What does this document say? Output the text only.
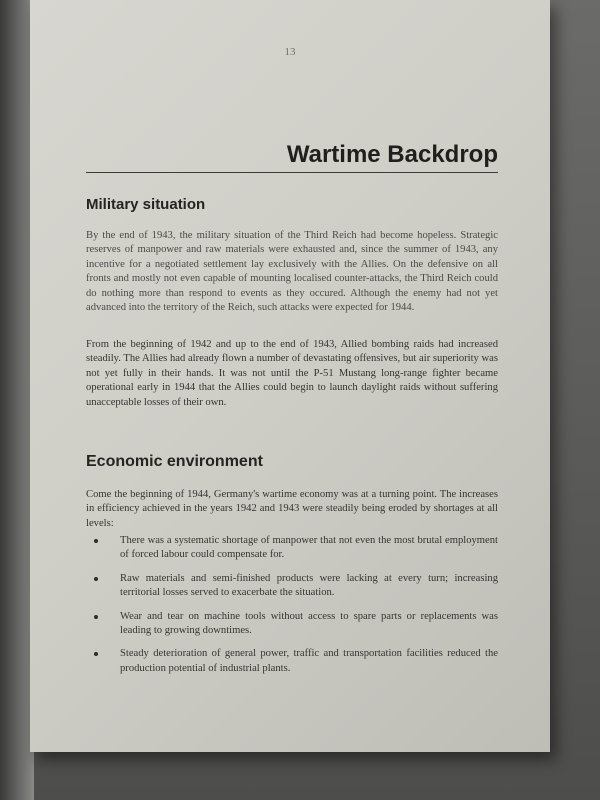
13
Wartime Backdrop
Military situation

By the end of 1943, the military situation of the Third Reich had become hopeless. Strategic reserves of manpower and raw materials were exhausted and, since the summer of 1943, any incentive for a negotiated settlement lay exclusively with the Allies. On the defensive on all fronts and mostly not even capable of mounting localised counter-attacks, the Third Reich could do nothing more than respond to events as they occured. Although the enemy had not yet advanced into the territory of the Reich, such attacks were expected for 1944.

From the beginning of 1942 and up to the end of 1943, Allied bombing raids had increased steadily. The Allies had already flown a number of devastating offensives, but air superiority was not yet fully in their hands. It was not until the P-51 Mustang long-range fighter became operational early in 1944 that the Allies could begin to launch daylight raids without suffering unacceptable losses of their own.

Economic environment

Come the beginning of 1944, Germany's wartime economy was at a turning point. The increases in efficiency achieved in the years 1942 and 1943 were steadily being eroded by shortages at all levels:

There was a systematic shortage of manpower that not even the most brutal employment of forced labour could compensate for.
Raw materials and semi-finished products were lacking at every turn; increasing territorial losses served to exacerbate the situation.
Wear and tear on machine tools without access to spare parts or replacements was leading to growing downtimes.
Steady deterioration of general power, traffic and transportation facilities reduced the production potential of industrial plants.
